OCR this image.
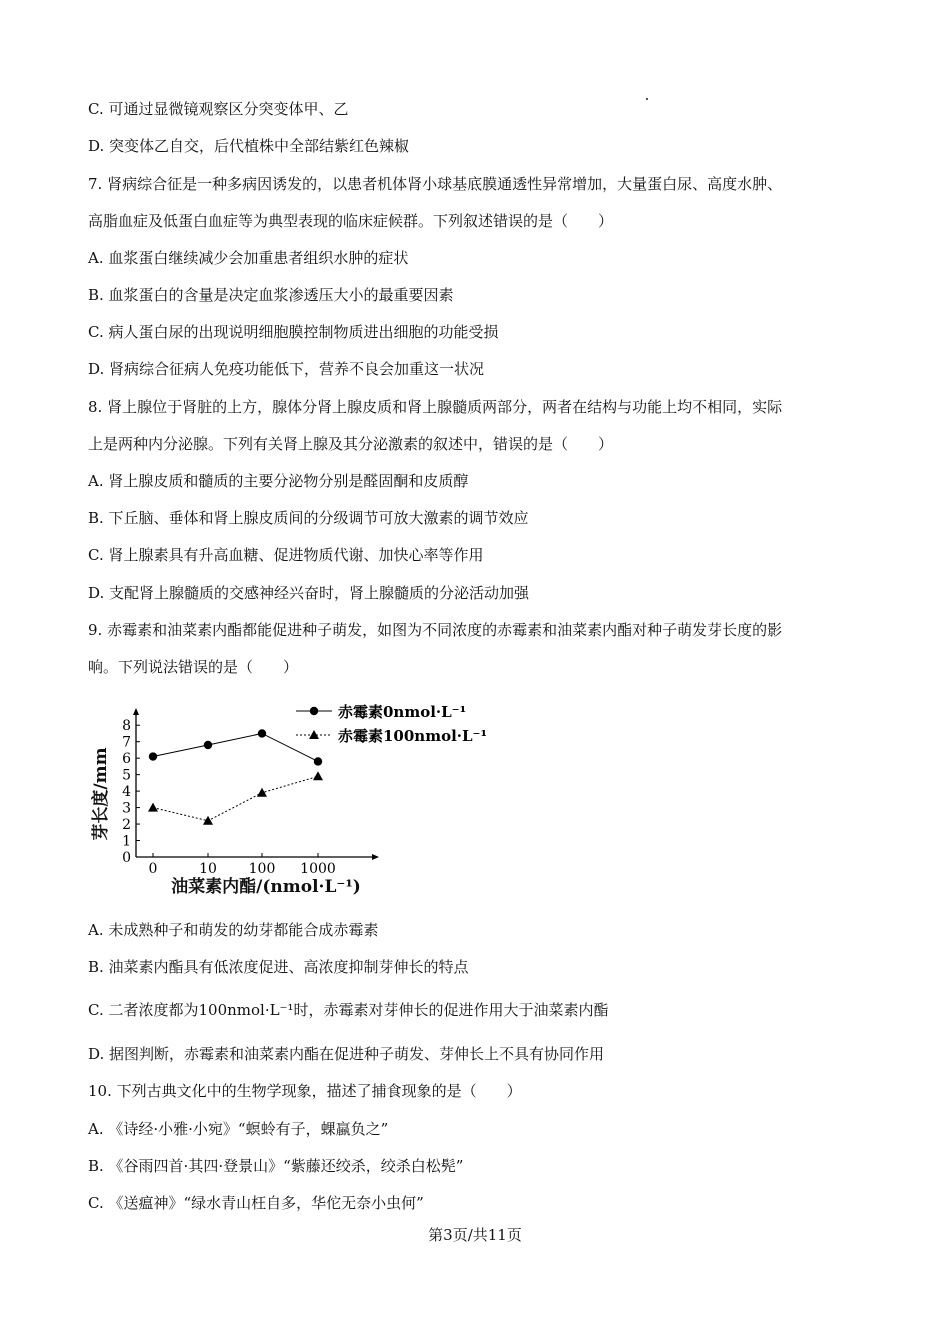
C. 可通过显微镜观察区分突变体甲、乙
D. 突变体乙自交，后代植株中全部结紫红色辣椒
7. 肾病综合征是一种多病因诱发的，以患者机体肾小球基底膜通透性异常增加，大量蛋白尿、高度水肿、
高脂血症及低蛋白血症等为典型表现的临床症候群。下列叙述错误的是（　　）
A. 血浆蛋白继续减少会加重患者组织水肿的症状
B. 血浆蛋白的含量是决定血浆渗透压大小的最重要因素
C. 病人蛋白尿的出现说明细胞膜控制物质进出细胞的功能受损
D. 肾病综合征病人免疫功能低下，营养不良会加重这一状况
8. 肾上腺位于肾脏的上方，腺体分肾上腺皮质和肾上腺髓质两部分，两者在结构与功能上均不相同，实际
上是两种内分泌腺。下列有关肾上腺及其分泌激素的叙述中，错误的是（　　）
A. 肾上腺皮质和髓质的主要分泌物分别是醛固酮和皮质醇
B. 下丘脑、垂体和肾上腺皮质间的分级调节可放大激素的调节效应
C. 肾上腺素具有升高血糖、促进物质代谢、加快心率等作用
D. 支配肾上腺髓质的交感神经兴奋时，肾上腺髓质的分泌活动加强
9. 赤霉素和油菜素内酯都能促进种子萌发，如图为不同浓度的赤霉素和油菜素内酯对种子萌发芽长度的影
响。下列说法错误的是（　　）
0
1
2
3
4
5
6
7
8
0	10 100 1000
赤霉素0nmol·L⁻¹
赤霉素100nmol·L⁻¹
芽长度/mm
油菜素内酯/(nmol·L⁻¹)
A. 未成熟种子和萌发的幼芽都能合成赤霉素
B. 油菜素内酯具有低浓度促进、高浓度抑制芽伸长的特点
C. 二者浓度都为100nmol·L⁻¹时，赤霉素对芽伸长的促进作用大于油菜素内酯
D. 据图判断，赤霉素和油菜素内酯在促进种子萌发、芽伸长上不具有协同作用
10. 下列古典文化中的生物学现象，描述了捕食现象的是（　　）
A. 《诗经·小雅·小宛》“螟蛉有子，蜾蠃负之”
B. 《谷雨四首·其四·登景山》“紫藤还绞杀，绞杀白松髡”
C. 《送瘟神》“绿水青山枉自多，华佗无奈小虫何”
第3页/共11页
